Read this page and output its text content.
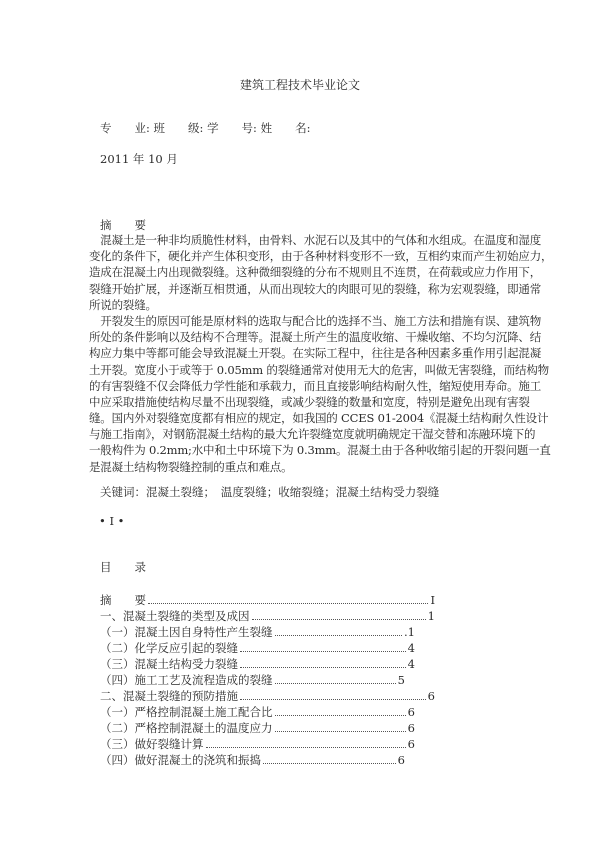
建筑工程技术毕业论文
专　　业: 班　　级: 学　　号: 姓　　名:
2011 年 10 月
摘　　要
　混凝土是一种非均质脆性材料，由骨料、水泥石以及其中的气体和水组成。在温度和湿度
变化的条件下，硬化并产生体积变形，由于各种材料变形不一致，互相约束而产生初始应力，
造成在混凝土内出现微裂缝。这种微细裂缝的分布不规则且不连贯，在荷载或应力作用下，
裂缝开始扩展，并逐渐互相贯通，从而出现较大的肉眼可见的裂缝，称为宏观裂缝，即通常
所说的裂缝。
　开裂发生的原因可能是原材料的选取与配合比的选择不当、施工方法和措施有误、建筑物
所处的条件影响以及结构不合理等。混凝土所产生的温度收缩、干燥收缩、不均匀沉降、结
构应力集中等都可能会导致混凝土开裂。在实际工程中，往往是各种因素多重作用引起混凝
土开裂。宽度小于或等于 0.05mm 的裂缝通常对使用无大的危害，叫做无害裂缝，而结构物
的有害裂缝不仅会降低力学性能和承载力，而且直接影响结构耐久性，缩短使用寿命。施工
中应采取措施使结构尽量不出现裂缝，或减少裂缝的数量和宽度，特别是避免出现有害裂
缝。国内外对裂缝宽度都有相应的规定，如我国的 CCES 01-2004《混凝土结构耐久性设计
与施工指南》，对钢筋混凝土结构的最大允许裂缝宽度就明确规定干湿交替和冻融环境下的
一般构件为 0.2mm;水中和土中环境下为 0.3mm。混凝土由于各种收缩引起的开裂问题一直
是混凝土结构物裂缝控制的重点和难点。
关键词：混凝土裂缝；　温度裂缝；收缩裂缝；混凝土结构受力裂缝
• I •
目　　录
摘　　要	I
一、混凝土裂缝的类型及成因	1
（一）混凝土因自身特性产生裂缝	.1
（二）化学反应引起的裂缝	4
（三）混凝土结构受力裂缝	4
（四）施工工艺及流程造成的裂缝	5
二、混凝土裂缝的预防措施	6
（一）严格控制混凝土施工配合比	6
（二）严格控制混凝土的温度应力	6
（三）做好裂缝计算	6
（四）做好混凝土的浇筑和振捣	6
